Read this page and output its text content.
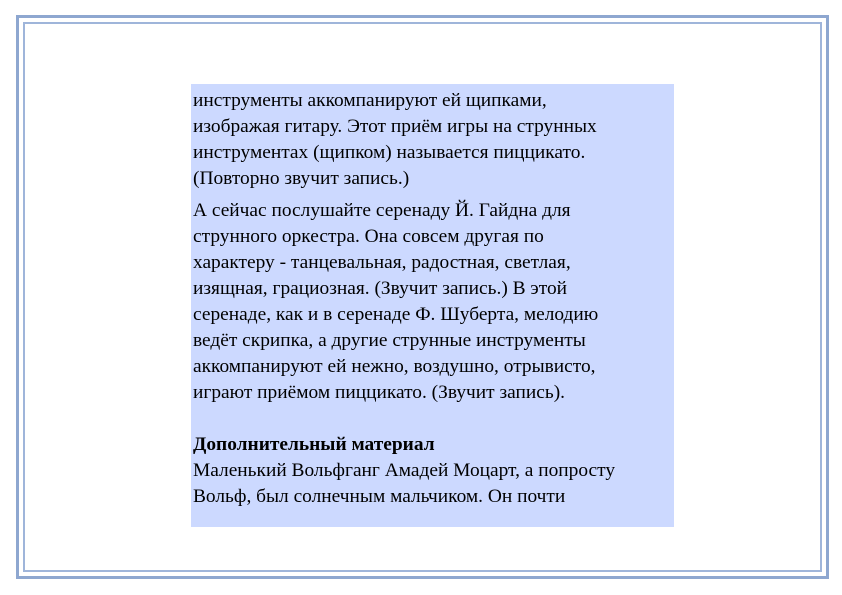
инструменты аккомпанируют ей щипками,

изображая гитару. Этот приём игры на струнных

инструментах (щипком) называется пиццикато.

(Повторно звучит запись.)

А сейчас послушайте серенаду Й. Гайдна для

струнного оркестра. Она совсем другая по

характеру - танцевальная, радостная, светлая,

изящная, грациозная. (Звучит запись.) В этой

серенаде, как и в серенаде Ф. Шуберта, мелодию

ведёт скрипка, а другие струнные инструменты

аккомпанируют ей нежно, воздушно, отрывисто,

играют приёмом пиццикато. (Звучит запись).

Дополнительный материал

Маленький Вольфганг Амадей Моцарт, а попросту

Вольф, был солнечным мальчиком. Он почти
